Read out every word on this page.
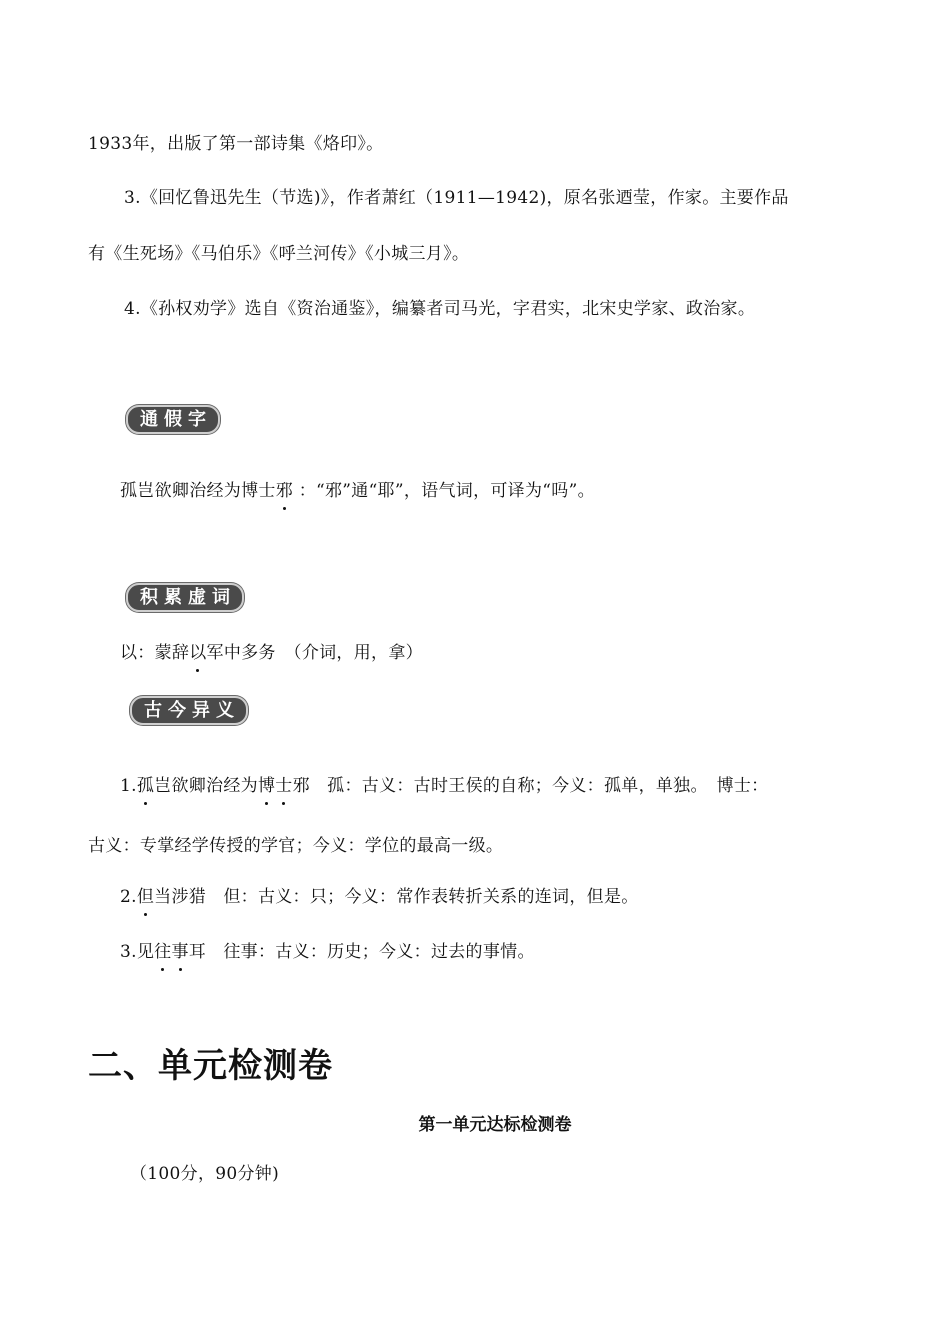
1933年，出版了第一部诗集《烙印》。
3.《回忆鲁迅先生（节选)》，作者萧红（1911—1942)，原名张迺莹，作家。主要作品
有《生死场》《马伯乐》《呼兰河传》《小城三月》。
4.《孙权劝学》选自《资治通鉴》，编纂者司马光，字君实，北宋史学家、政治家。
通假字
孤岂欲卿治经为博士邪 ：“邪”通“耶”，语气词，可译为“吗”。
积累虚词
以：蒙辞以军中多务　（介词，用，拿）
古今异义
1.孤岂欲卿治经为博士邪　孤：古义：古时王侯的自称；今义：孤单，单独。　博士：
古义：专掌经学传授的学官；今义：学位的最高一级。
2.但当涉猎　但：古义：只；今义：常作表转折关系的连词，但是。
3.见往事耳　往事：古义：历史；今义：过去的事情。
二、单元检测卷
第一单元达标检测卷
（100分，90分钟)
